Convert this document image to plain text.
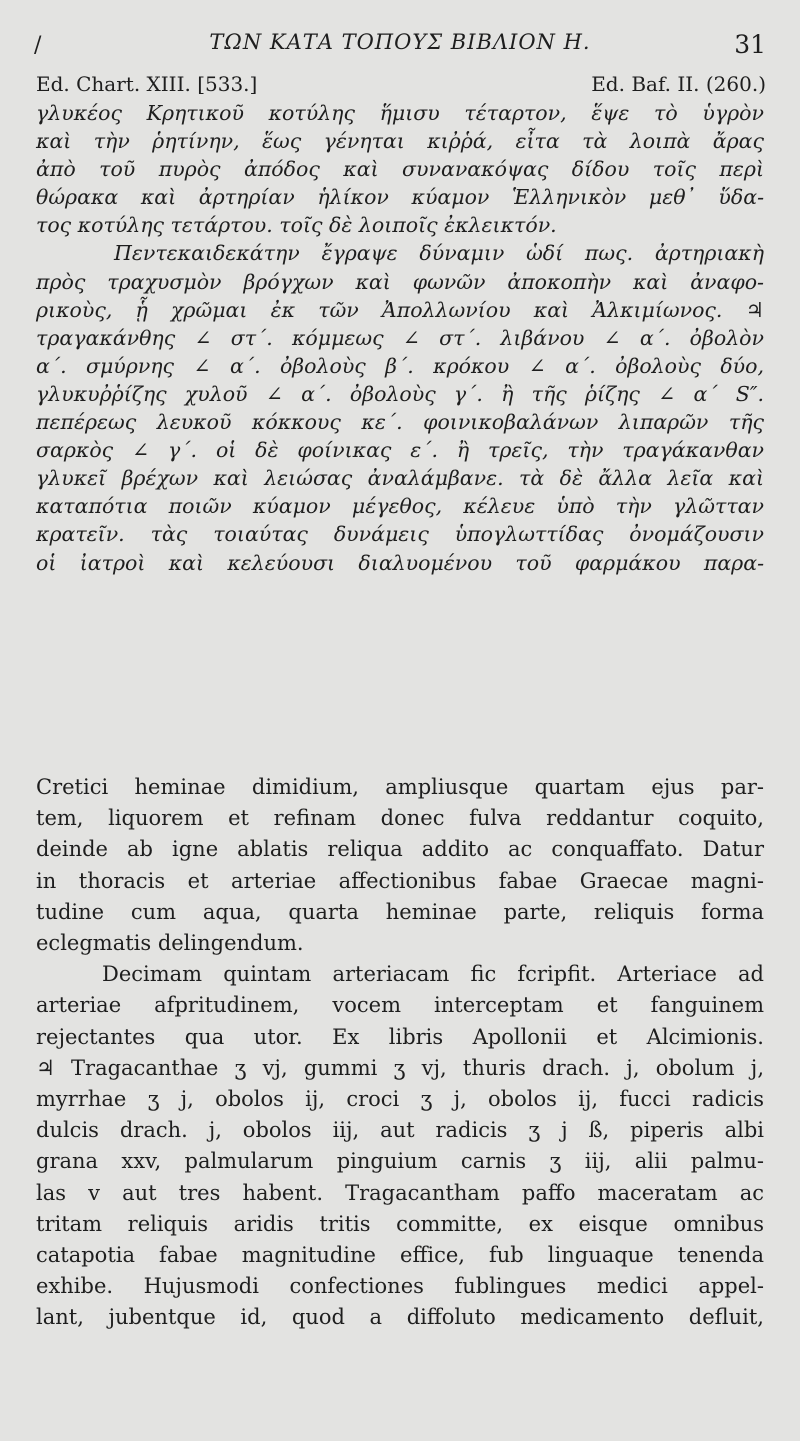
/	ΤΩΝ ΚΑΤΑ ΤΟΠΟΥΣ ΒΙΒΛΙΟΝ Η.	31
Ed. Chart. XIII. [533.]	Ed. Baf. II. (260.)
γλυκέος Κρητικοῦ κοτύλης ἥμισυ τέταρτον, ἕψε τὸ ὑγρὸν
καὶ τὴν ῥητίνην, ἕως γένηται κιῤῥά, εἶτα τὰ λοιπὰ ἄρας
ἀπὸ τοῦ πυρὸς ἀπόδος καὶ συνανακόψας δίδου τοῖς περὶ
θώρακα καὶ ἀρτηρίαν ἡλίκον κύαμον Ἑλληνικὸν μεθ᾽ ὕδα-
τος κοτύλης τετάρτου. τοῖς δὲ λοιποῖς ἐκλεικτόν.
Πεντεκαιδεκάτην ἔγραψε δύναμιν ὡδί πως. ἀρτηριακὴ
πρὸς τραχυσμὸν βρόγχων καὶ φωνῶν ἀποκοπὴν καὶ ἀναφο-
ρικοὺς, ᾗ χρῶμαι ἐκ τῶν Ἀπολλωνίου καὶ Ἀλκιμίωνος. ♃
τραγακάνθης ∠ στ΄. κόμμεως ∠ στ΄. λιβάνου ∠ α΄. ὀβολὸν
α΄. σμύρνης ∠ α΄. ὀβολοὺς β΄. κρόκου ∠ α΄. ὀβολοὺς δύο,
γλυκυῤῥίζης χυλοῦ ∠ α΄. ὀβολοὺς γ΄. ἢ τῆς ῥίζης ∠ α΄ S″.
πεπέρεως λευκοῦ κόκκους κε΄. φοινικοβαλάνων λιπαρῶν τῆς
σαρκὸς ∠ γ΄. οἱ δὲ φοίνικας ε΄. ἢ τρεῖς, τὴν τραγάκανθαν
γλυκεῖ βρέχων καὶ λειώσας ἀναλάμβανε. τὰ δὲ ἄλλα λεῖα καὶ
καταπότια ποιῶν κύαμον μέγεθος, κέλευε ὑπὸ τὴν γλῶτταν
κρατεῖν. τὰς τοιαύτας δυνάμεις ὑπογλωττίδας ὀνομάζουσιν
οἱ ἰατροὶ καὶ κελεύουσι διαλυομένου τοῦ φαρμάκου παρα-
Cretici heminae dimidium, ampliusque quartam ejus par-
tem, liquorem et refinam donec fulva reddantur coquito,
deinde ab igne ablatis reliqua addito ac conquaffato. Datur
in thoracis et arteriae affectionibus fabae Graecae magni-
tudine cum aqua, quarta heminae parte, reliquis forma
eclegmatis delingendum.
Decimam quintam arteriacam fic fcripfit. Arteriace ad
arteriae afpritudinem, vocem interceptam et fanguinem
rejectantes qua utor. Ex libris Apollonii et Alcimionis.
♃ Tragacanthae ʒ vj, gummi ʒ vj, thuris drach. j, obolum j,
myrrhae ʒ j, obolos ij, croci ʒ j, obolos ij, fucci radicis
dulcis drach. j, obolos iij, aut radicis ʒ j ß, piperis albi
grana xxv, palmularum pinguium carnis ʒ iij, alii palmu-
las v aut tres habent. Tragacantham paffo maceratam ac
tritam reliquis aridis tritis committe, ex eisque omnibus
catapotia fabae magnitudine effice, fub linguaque tenenda
exhibe. Hujusmodi confectiones fublingues medici appel-
lant, jubentque id, quod a diffoluto medicamento defluit,
